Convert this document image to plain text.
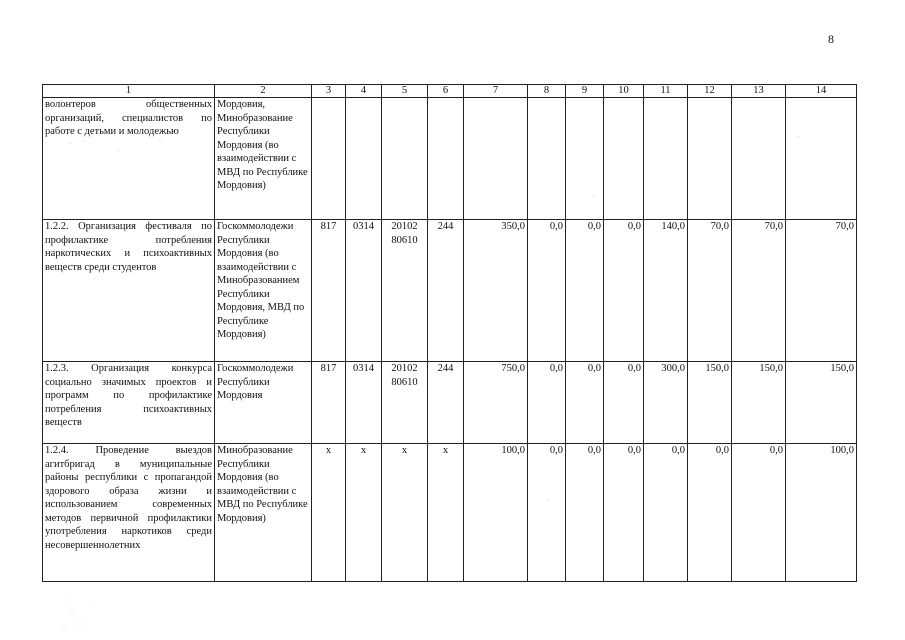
8
1	2	3	4	5	6	7	8	9	10	11	12	13	14
волонтеров общественных организаций, специалистов по работе с детьми и молодежью	Мордовия, Минобразование Республики Мордовия (во взаимодействии с МВД по Республике Мордовия)												
1.2.2. Организация фестиваля по профилактике потребления наркотических и психоактивных веществ среди студентов	Госкоммолодежи Республики Мордовия (во взаимодействии с Минобразованием Республики Мордовия, МВД по Республике Мордовия)	817	0314	20102 80610	244	350,0	0,0	0,0	0,0	140,0	70,0	70,0	70,0
1.2.3. Организация конкурса социально значимых проектов и программ по профилактике потребления психоактивных веществ	Госкоммолодежи Республики Мордовия	817	0314	20102 80610	244	750,0	0,0	0,0	0,0	300,0	150,0	150,0	150,0
1.2.4. Проведение выездов агитбригад в муниципальные районы республики с пропагандой здорового образа жизни и использованием современных методов первичной профилактики употребления наркотиков среди несовершеннолетних	Минобразование Республики Мордовия (во взаимодействии с МВД по Республике Мордовия)	х	х	х	х	100,0	0,0	0,0	0,0	0,0	0,0	0,0	100,0
